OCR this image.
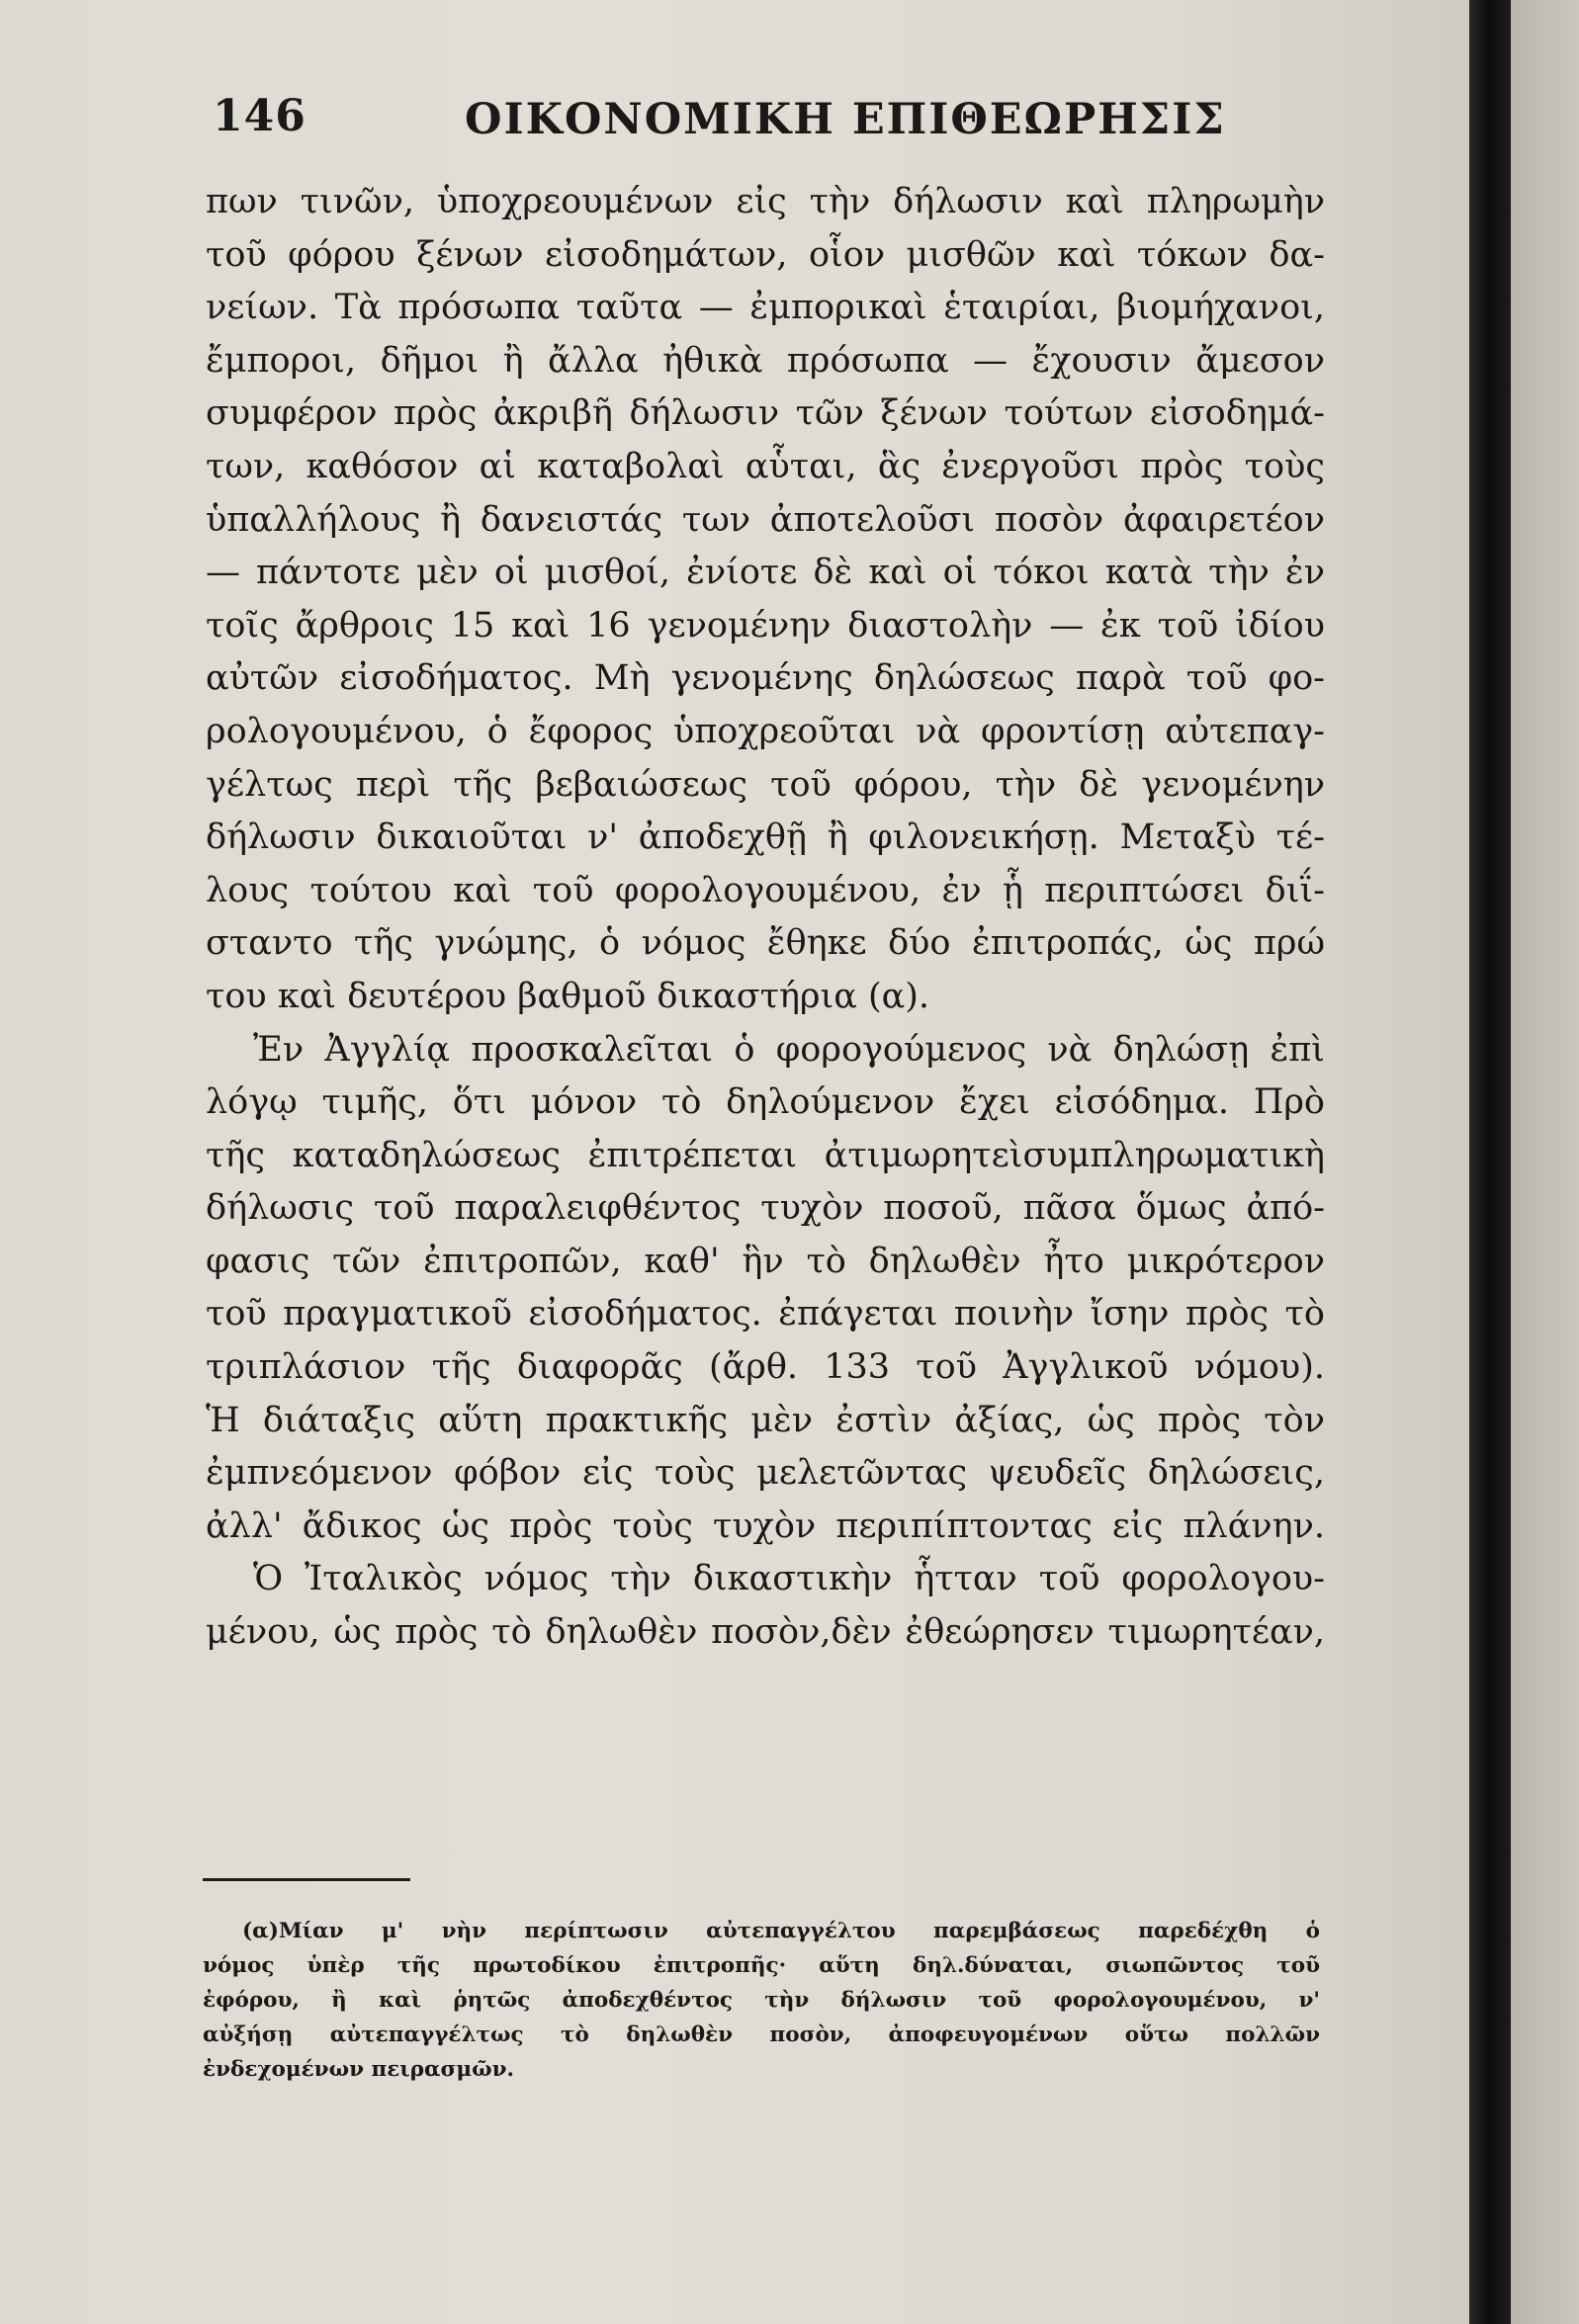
146	ΟΙΚΟΝΟΜΙΚΗ ΕΠΙΘΕΩΡΗΣΙΣ
πων τινῶν, ὑποχρεουμένων εἰς τὴν δήλωσιν καὶ πληρωμὴν
τοῦ φόρου ξένων εἰσοδημάτων, οἷον μισθῶν καὶ τόκων δα-
νείων. Τὰ πρόσωπα ταῦτα — ἐμπορικαὶ ἑταιρίαι, βιομήχανοι,
ἔμποροι, δῆμοι ἢ ἄλλα ἠθικὰ πρόσωπα — ἔχουσιν ἄμεσον
συμφέρον πρὸς ἀκριβῆ δήλωσιν τῶν ξένων τούτων εἰσοδημά-
των, καθόσον αἱ καταβολαὶ αὗται, ἃς ἐνεργοῦσι πρὸς τοὺς
ὑπαλλήλους ἢ δανειστάς των ἀποτελοῦσι ποσὸν ἀφαιρετέον
— πάντοτε μὲν οἱ μισθοί, ἐνίοτε δὲ καὶ οἱ τόκοι κατὰ τὴν ἐν
τοῖς ἄρθροις 15 καὶ 16 γενομένην διαστολὴν — ἐκ τοῦ ἰδίου
αὐτῶν εἰσοδήματος. Μὴ γενομένης δηλώσεως παρὰ τοῦ φο-
ρολογουμένου, ὁ ἔφορος ὑποχρεοῦται νὰ φροντίσῃ αὐτεπαγ-
γέλτως περὶ τῆς βεβαιώσεως τοῦ φόρου, τὴν δὲ γενομένην
δήλωσιν δικαιοῦται ν' ἀποδεχθῇ ἢ φιλονεικήσῃ. Μεταξὺ τέ-
λους τούτου καὶ τοῦ φορολογουμένου, ἐν ᾗ περιπτώσει διΐ-
σταντο τῆς γνώμης, ὁ νόμος ἔθηκε δύο ἐπιτροπάς, ὡς πρώ
του καὶ δευτέρου βαθμοῦ δικαστήρια (α).
Ἐν Ἀγγλίᾳ προσκαλεῖται ὁ φορογούμενος νὰ δηλώσῃ ἐπὶ
λόγῳ τιμῆς, ὅτι μόνον τὸ δηλούμενον ἔχει εἰσόδημα. Πρὸ
τῆς καταδηλώσεως ἐπιτρέπεται ἀτιμωρητεὶσυμπληρωματικὴ
δήλωσις τοῦ παραλειφθέντος τυχὸν ποσοῦ, πᾶσα ὅμως ἀπό-
φασις τῶν ἐπιτροπῶν, καθ' ἣν τὸ δηλωθὲν ἦτο μικρότερον
τοῦ πραγματικοῦ εἰσοδήματος. ἐπάγεται ποινὴν ἴσην πρὸς τὸ
τριπλάσιον τῆς διαφορᾶς (ἄρθ. 133 τοῦ Ἀγγλικοῦ νόμου).
Ἡ διάταξις αὕτη πρακτικῆς μὲν ἐστὶν ἀξίας, ὡς πρὸς τὸν
ἐμπνεόμενον φόβον εἰς τοὺς μελετῶντας ψευδεῖς δηλώσεις,
ἀλλ' ἄδικος ὡς πρὸς τοὺς τυχὸν περιπίπτοντας εἰς πλάνην.
Ὁ Ἰταλικὸς νόμος τὴν δικαστικὴν ἧτταν τοῦ φορολογου-
μένου, ὡς πρὸς τὸ δηλωθὲν ποσὸν,δὲν ἐθεώρησεν τιμωρητέαν,
(α)Μίαν μ' νὴν περίπτωσιν αὐτεπαγγέλτου παρεμβάσεως παρεδέχθη ὁ
νόμος ὑπὲρ τῆς πρωτοδίκου ἐπιτροπῆς· αὕτη δηλ.δύναται, σιωπῶντος τοῦ
ἐφόρου, ἢ καὶ ῥητῶς ἀποδεχθέντος τὴν δήλωσιν τοῦ φορολογουμένου, ν'
αὐξήσῃ αὐτεπαγγέλτως τὸ δηλωθὲν ποσὸν, ἀποφευγομένων οὕτω πολλῶν
ἐνδεχομένων πειρασμῶν.
